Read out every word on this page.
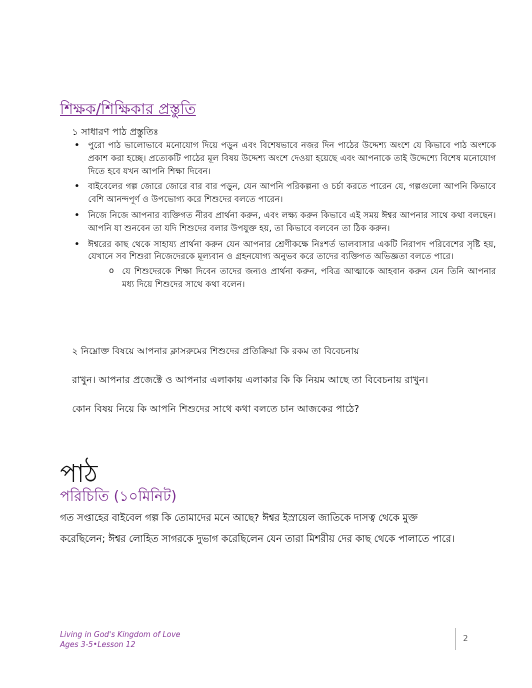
শিক্ষক/শিক্ষিকার প্রস্তুতি
১ সাধারণ পাঠ প্রস্তুতিঃ
• পুরো পাঠ ভালোভাবে মনোযোগ দিয়ে পড়ুন এবং বিশেষভাবে নজর দিন পাঠের উদ্দেশ্য অংশে যে কিভাবে পাঠ অংশকে প্রকাশ করা হচ্ছে। প্রত্যেকটি পাঠের মূল বিষয় উদ্দেশ্য অংশে দেওয়া হয়েছে এবং আপনাকে তাই উদ্দেশ্যে বিশেষ মনোযোগ দিতে হবে যখন আপনি শিক্ষা দিবেন।
• বাইবেলের গল্প জোরে জোরে বার বার পড়ুন, যেন আপনি পরিকল্পনা ও চর্চা করতে পারেন যে, গল্পগুলো আপনি কিভাবে বেশি আনন্দপূর্ণ ও উপভোগ্য করে শিশুদের বলতে পারেন।
• নিজে নিজে আপনার ব্যক্তিগত নীরব প্রার্থনা করুন, এবং লক্ষ্য করুন কিভাবে এই সময় ঈশ্বর আপনার সাথে কথা বলছেন। আপনি যা শুনবেন তা যদি শিশুদের বলার উপযুক্ত হয়, তা কিভাবে বলবেন তা ঠিক করুন।
• ঈশ্বরের কাছ থেকে সাহায্য প্রার্থনা করুন যেন আপনার শ্রেণীকক্ষে নিঃশর্ত ভালবাসার একটি নিরাপদ পরিবেশের সৃষ্টি হয়, যেখানে সব শিশুরা নিজেদেরকে মূল্যবান ও গ্রহনযোগ্য অনুভব করে তাদের ব্যক্তিগত অভিজ্ঞতা বলতে পারে।
o যে শিশুদেরকে শিক্ষা দিবেন তাদের জন্যও প্রার্থনা করুন, পবিত্র আত্মাকে আহবান করুন যেন তিনি আপনার মধ্য দিয়ে শিশুদের সাথে কথা বলেন।
২ নিম্নোক্ত বিষয়ে আপনার ক্লাসরুমের শিশুদের প্রতিক্রিয়া কি রকম তা বিবেচনায়
রাখুন। আপনার প্রজেক্টে ও আপনার এলাকায় এলাকার কি কি নিয়ম আছে তা বিবেচনায় রাখুন।
কোন বিষয় নিয়ে কি আপনি শিশুদের সাথে কথা বলতে চান আজকের পাঠে?
পাঠ
পরিচিতি (১০মিনিট)
গত সপ্তাহের বাইবেল গল্প কি তোমাদের মনে আছে? ঈশ্বর ইস্রায়েল জাতিকে দাসত্ব থেকে মুক্ত
করেছিলেন; ঈশ্বর লোহিত সাগরকে দুভাগ করেছিলেন যেন তারা মিশরীয় দের কাছ থেকে পালাতে পারে।
Living in God's Kingdom of Love
Ages 3-5•Lesson 12
2
